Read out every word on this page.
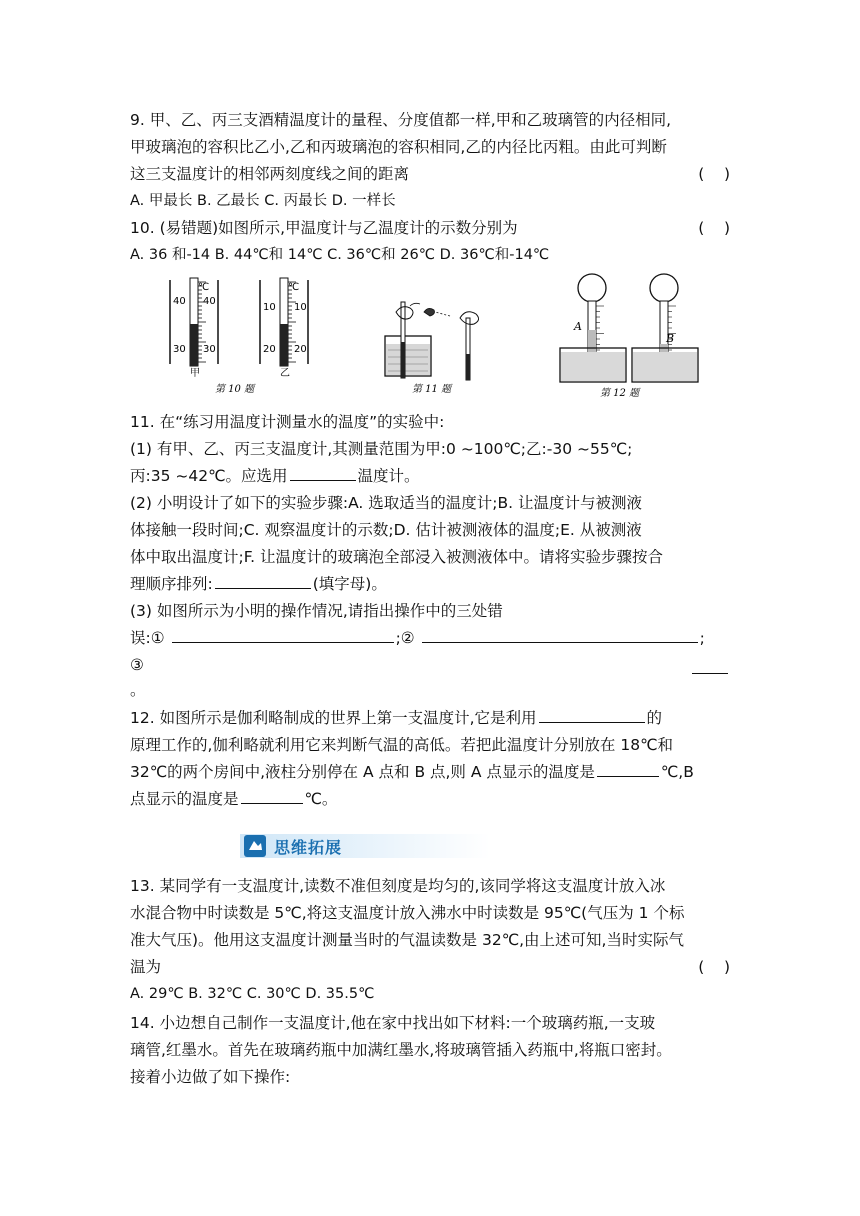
9. 甲、乙、丙三支酒精温度计的量程、分度值都一样,甲和乙玻璃管的内径相同,
甲玻璃泡的容积比乙小,乙和丙玻璃泡的容积相同,乙的内径比丙粗。由此可判断
这三支温度计的相邻两刻度线之间的距离	(    )
A. 甲最长 B. 乙最长 C. 丙最长 D. 一样长
10. (易错题)如图所示,甲温度计与乙温度计的示数分别为	(    )
A. 36 和-14 B. 44℃和 14℃ C. 36℃和 26℃ D. 36℃和-14℃
℃
40
30
40
30
甲
℃
10
20
10
20
乙
第 10 题	第 11 题
A
B
第 12 题
11. 在“练习用温度计测量水的温度”的实验中:
(1) 有甲、乙、丙三支温度计,其测量范围为甲:0 ~100℃;乙:-30 ~55℃;
丙:35 ~42℃。应选用	温度计。
(2) 小明设计了如下的实验步骤:A. 选取适当的温度计;B. 让温度计与被测液
体接触一段时间;C. 观察温度计的示数;D. 估计被测液体的温度;E. 从被测液
体中取出温度计;F. 让温度计的玻璃泡全部浸入被测液体中。请将实验步骤按合
理顺序排列:	(填字母)。
(3) 如图所示为小明的操作情况,请指出操作中的三处错
误:①	;②	;
③
。
12. 如图所示是伽利略制成的世界上第一支温度计,它是利用	的
原理工作的,伽利略就利用它来判断气温的高低。若把此温度计分别放在 18℃和
32℃的两个房间中,液柱分别停在 A 点和 B 点,则 A 点显示的温度是	℃,B
点显示的温度是	℃。
思维拓展
13. 某同学有一支温度计,读数不准但刻度是均匀的,该同学将这支温度计放入冰
水混合物中时读数是 5℃,将这支温度计放入沸水中时读数是 95℃(气压为 1 个标
准大气压)。他用这支温度计测量当时的气温读数是 32℃,由上述可知,当时实际气
温为	(    )
A. 29℃ B. 32℃ C. 30℃ D. 35.5℃
14. 小边想自己制作一支温度计,他在家中找出如下材料:一个玻璃药瓶,一支玻
璃管,红墨水。首先在玻璃药瓶中加满红墨水,将玻璃管插入药瓶中,将瓶口密封。
接着小边做了如下操作:
